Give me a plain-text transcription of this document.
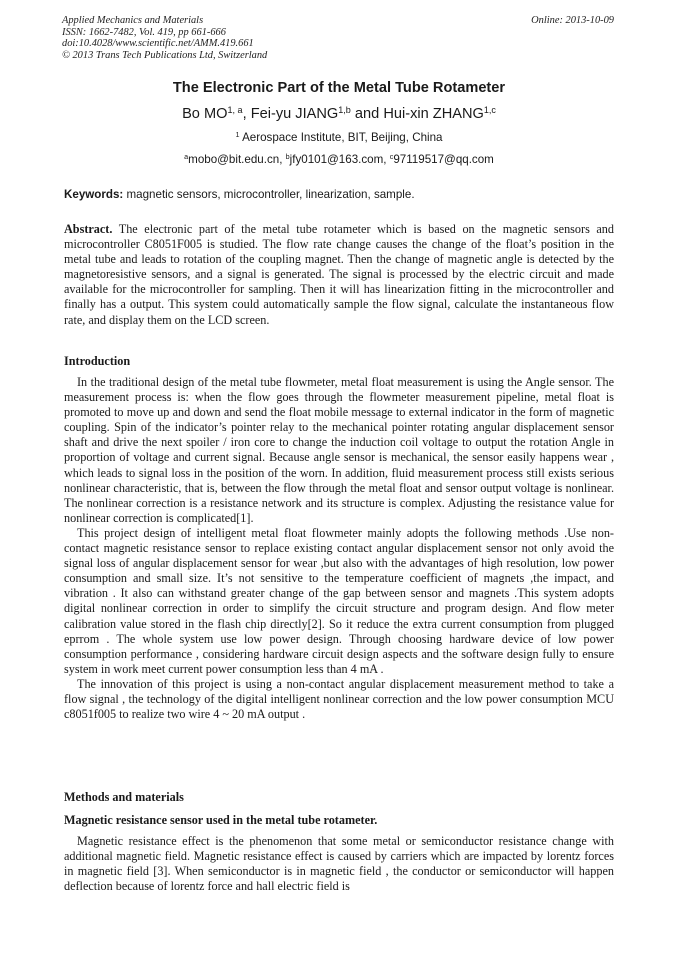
Applied Mechanics and Materials
ISSN: 1662-7482, Vol. 419, pp 661-666
doi:10.4028/www.scientific.net/AMM.419.661
© 2013 Trans Tech Publications Ltd, Switzerland
Online: 2013-10-09
The Electronic Part of the Metal Tube Rotameter
Bo MO$^{1, a}$, Fei-yu JIANG$^{1,b}$ and Hui-xin ZHANG$^{1,c}$
$^1$ Aerospace Institute, BIT, Beijing, China
$^a$mobo@bit.edu.cn, $^b$jfy0101@163.com, $^c$97119517@qq.com
Keywords: magnetic sensors, microcontroller, linearization, sample.

Abstract. The electronic part of the metal tube rotameter which is based on the magnetic sensors and microcontroller C8051F005 is studied. The flow rate change causes the change of the float’s position in the metal tube and leads to rotation of the coupling magnet. Then the change of magnetic angle is detected by the magnetoresistive sensors, and a signal is generated. The signal is processed by the electric circuit and made available for the microcontroller for sampling. Then it will has linearization fitting in the microcontroller and finally has a output. This system could automatically sample the flow signal, calculate the instantaneous flow rate, and display them on the LCD screen.

Introduction

In the traditional design of the metal tube flowmeter, metal float measurement is using the Angle sensor. The measurement process is: when the flow goes through the flowmeter measurement pipeline, metal float is promoted to move up and down and send the float mobile message to external indicator in the form of magnetic coupling. Spin of the indicator’s pointer relay to the mechanical pointer rotating angular displacement sensor shaft and drive the next spoiler / iron core to change the induction coil voltage to output the rotation Angle in proportion of voltage and current signal. Because angle sensor is mechanical, the sensor easily happens wear , which leads to signal loss in the position of the worn. In addition, fluid measurement process still exists serious nonlinear characteristic, that is, between the flow through the metal float and sensor output voltage is nonlinear. The nonlinear correction is a resistance network and its structure is complex. Adjusting the resistance value for nonlinear correction is complicated[1].

This project design of intelligent metal float flowmeter mainly adopts the following methods .Use non-contact magnetic resistance sensor to replace existing contact angular displacement sensor not only avoid the signal loss of angular displacement sensor for wear ,but also with the advantages of high resolution, low power consumption and small size. It’s not sensitive to the temperature coefficient of magnets ,the impact, and vibration . It also can withstand greater change of the gap between sensor and magnets .This system adopts digital nonlinear correction in order to simplify the circuit structure and program design. And flow meter calibration value stored in the flash chip directly[2]. So it reduce the extra current consumption from plugged eprrom . The whole system use low power design. Through choosing hardware device of low power consumption performance , considering hardware circuit design aspects and the software design fully to ensure system in work meet current power consumption less than 4 mA .

The innovation of this project is using a non-contact angular displacement measurement method to take a flow signal , the technology of the digital intelligent nonlinear correction and the low power consumption MCU c8051f005 to realize two wire 4 ~ 20 mA output .

Methods and materials
Magnetic resistance sensor used in the metal tube rotameter.

Magnetic resistance effect is the phenomenon that some metal or semiconductor resistance change with additional magnetic field. Magnetic resistance effect is caused by carriers which are impacted by lorentz forces in magnetic field [3]. When semiconductor is in magnetic field , the conductor or semiconductor will happen deflection because of lorentz force and hall electric field is
